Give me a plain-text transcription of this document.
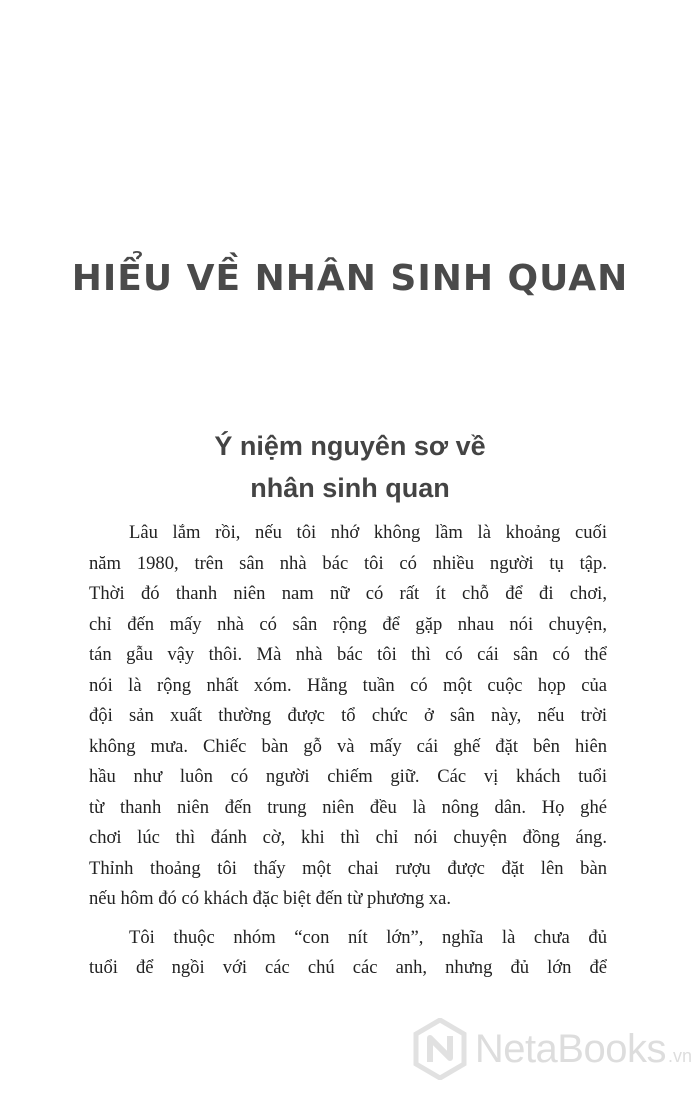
HIỂU VỀ NHÂN SINH QUAN
Ý niệm nguyên sơ về
nhân sinh quan
Lâu lắm rồi, nếu tôi nhớ không lầm là khoảng cuối
năm 1980, trên sân nhà bác tôi có nhiều người tụ tập.
Thời đó thanh niên nam nữ có rất ít chỗ để đi chơi,
chỉ đến mấy nhà có sân rộng để gặp nhau nói chuyện,
tán gẫu vậy thôi. Mà nhà bác tôi thì có cái sân có thể
nói là rộng nhất xóm. Hằng tuần có một cuộc họp của
đội sản xuất thường được tổ chức ở sân này, nếu trời
không mưa. Chiếc bàn gỗ và mấy cái ghế đặt bên hiên
hầu như luôn có người chiếm giữ. Các vị khách tuổi
từ thanh niên đến trung niên đều là nông dân. Họ ghé
chơi lúc thì đánh cờ, khi thì chỉ nói chuyện đồng áng.
Thỉnh thoảng tôi thấy một chai rượu được đặt lên bàn
nếu hôm đó có khách đặc biệt đến từ phương xa.
Tôi thuộc nhóm “con nít lớn”, nghĩa là chưa đủ
tuổi để ngồi với các chú các anh, nhưng đủ lớn để
NetaBooks .vn
